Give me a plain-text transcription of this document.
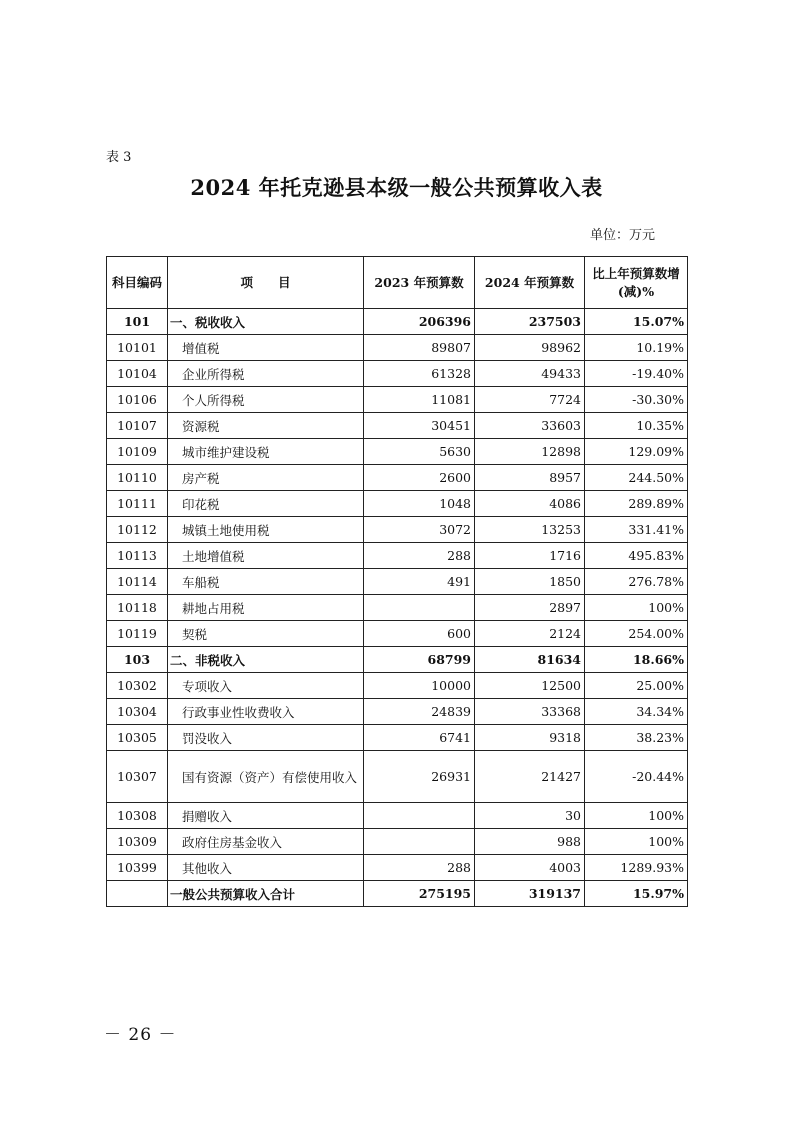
表 3
2024 年托克逊县本级一般公共预算收入表
单位：万元
科目编码	项　　目	2023 年预算数	2024 年预算数	比上年预算数增(减)%
101	一、税收收入	206396	237503	15.07%
10101	增值税	89807	98962	10.19%
10104	企业所得税	61328	49433	-19.40%
10106	个人所得税	11081	7724	-30.30%
10107	资源税	30451	33603	10.35%
10109	城市维护建设税	5630	12898	129.09%
10110	房产税	2600	8957	244.50%
10111	印花税	1048	4086	289.89%
10112	城镇土地使用税	3072	13253	331.41%
10113	土地增值税	288	1716	495.83%
10114	车船税	491	1850	276.78%
10118	耕地占用税		2897	100%
10119	契税	600	2124	254.00%
103	二、非税收入	68799	81634	18.66%
10302	专项收入	10000	12500	25.00%
10304	行政事业性收费收入	24839	33368	34.34%
10305	罚没收入	6741	9318	38.23%
10307	国有资源（资产）有偿使用收入	26931	21427	-20.44%
10308	捐赠收入		30	100%
10309	政府住房基金收入		988	100%
10399	其他收入	288	4003	1289.93%
	一般公共预算收入合计	275195	319137	15.97%
－ 26 －
